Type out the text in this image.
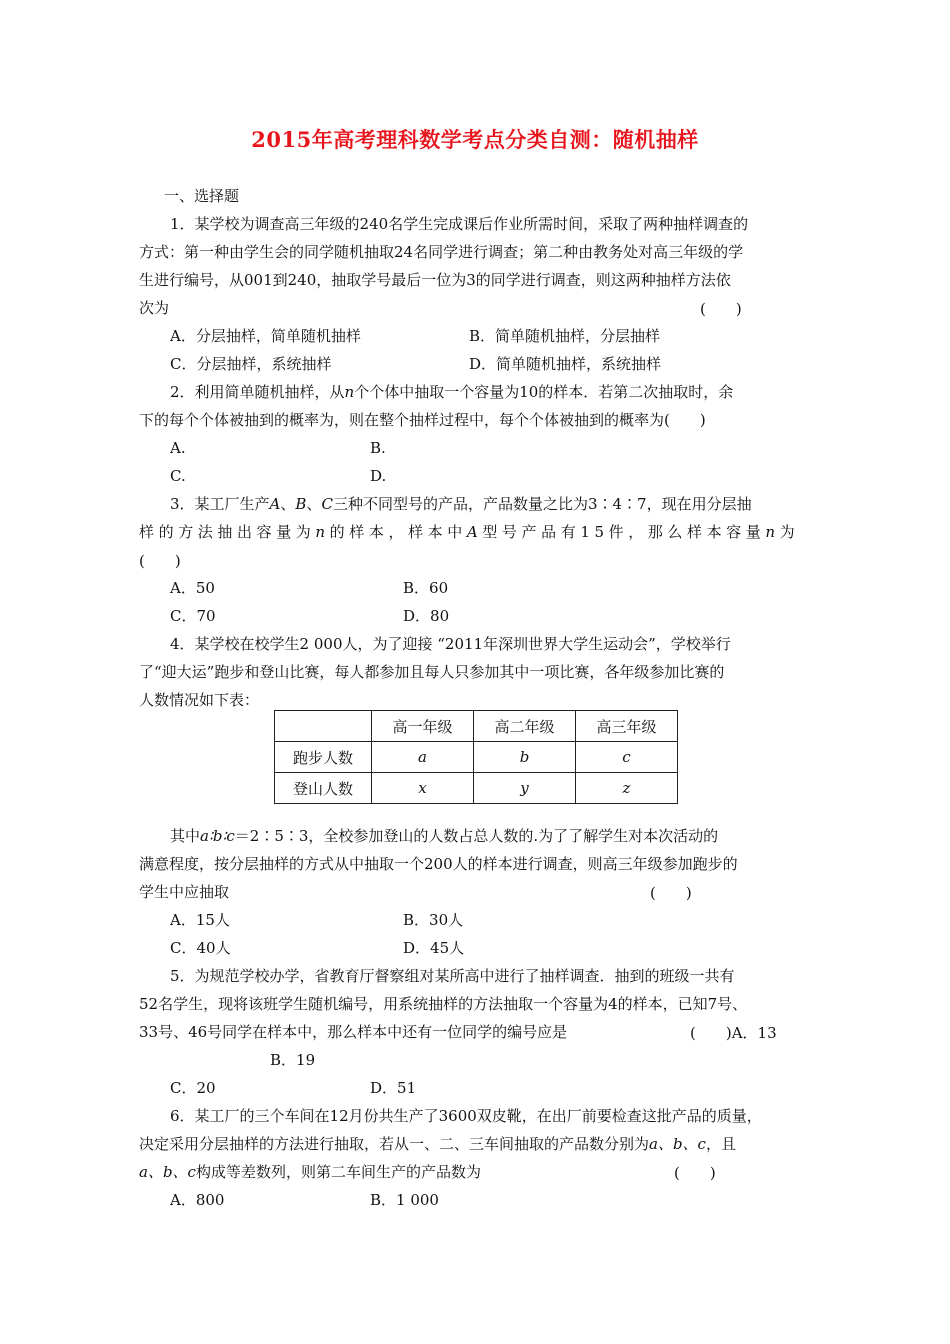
2015年高考理科数学考点分类自测：随机抽样
一、选择题
1．某学校为调查高三年级的240名学生完成课后作业所需时间，采取了两种抽样调查的
方式：第一种由学生会的同学随机抽取24名同学进行调查；第二种由教务处对高三年级的学
生进行编号，从001到240，抽取学号最后一位为3的同学进行调查，则这两种抽样方法依
次为	(　　)
A．分层抽样，简单随机抽样	B．简单随机抽样，分层抽样
C．分层抽样，系统抽样	D．简单随机抽样，系统抽样
2．利用简单随机抽样，从n个个体中抽取一个容量为10的样本．若第二次抽取时，余
下的每个个体被抽到的概率为，则在整个抽样过程中，每个个体被抽到的概率为(　　)
A.	B.
C.	D.
3．某工厂生产A、B、C三种不同型号的产品，产品数量之比为3∶4∶7，现在用分层抽
样的方法抽出容量为n的样本，样本中A型号产品有15件，那么样本容量n为
(　　)
A．50	B．60
C．70	D．80
4．某学校在校学生2 000人，为了迎接 “2011年深圳世界大学生运动会”，学校举行
了“迎大运”跑步和登山比赛，每人都参加且每人只参加其中一项比赛，各年级参加比赛的
人数情况如下表：
	高一年级	高二年级	高三年级
跑步人数	a	b	c
登山人数	x	y	z
其中a∶b∶c＝2∶5∶3，全校参加登山的人数占总人数的.为了了解学生对本次活动的
满意程度，按分层抽样的方式从中抽取一个200人的样本进行调查，则高三年级参加跑步的
学生中应抽取	(　　)
A．15人	B．30人
C．40人	D．45人
5．为规范学校办学，省教育厅督察组对某所高中进行了抽样调查．抽到的班级一共有
52名学生，现将该班学生随机编号，用系统抽样的方法抽取一个容量为4的样本，已知7号、
33号、46号同学在样本中，那么样本中还有一位同学的编号应是	(　　)A．13
B．19
C．20	D．51
6．某工厂的三个车间在12月份共生产了3600双皮靴，在出厂前要检查这批产品的质量，
决定采用分层抽样的方法进行抽取，若从一、二、三车间抽取的产品数分别为a、b、c，且
a、b、c构成等差数列，则第二车间生产的产品数为	(　　)
A．800	B．1 000
